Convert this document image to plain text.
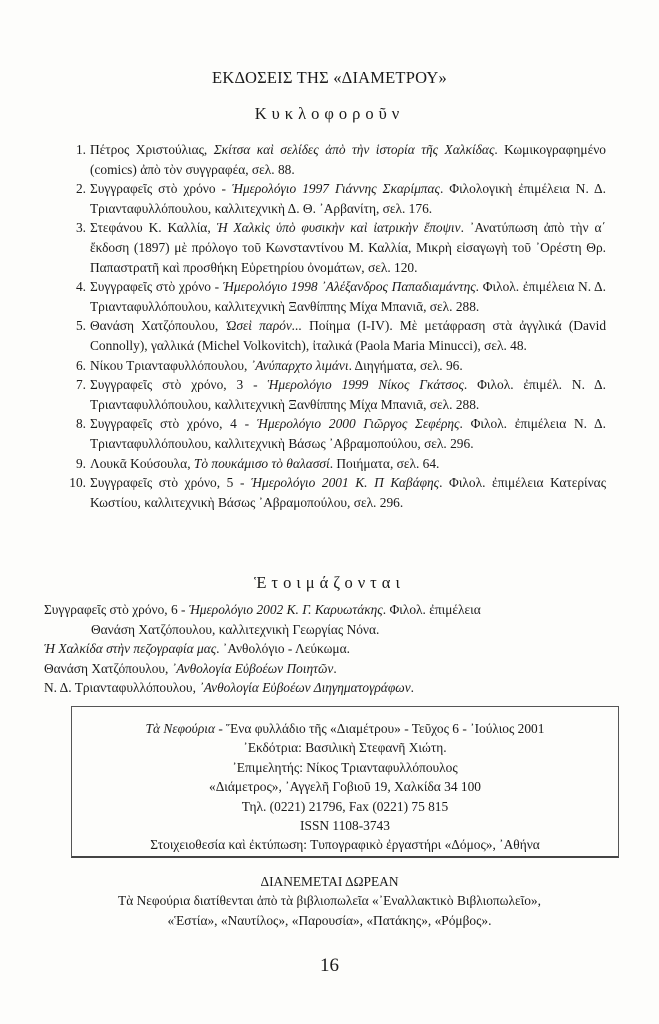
ΕΚΔΟΣΕΙΣ ΤΗΣ «ΔΙΑΜΕΤΡΟΥ»
Κυκλοφοροῦν
1. Πέτρος Χριστούλιας, Σκίτσα καὶ σελίδες ἀπὸ τὴν ἱστορία τῆς Χαλκίδας. Κωμικογραφημένο (comics) ἀπὸ τὸν συγγραφέα, σελ. 88.
2. Συγγραφεῖς στὸ χρόνο - Ἡμερολόγιο 1997 Γιάννης Σκαρίμπας. Φιλολογικὴ ἐπιμέλεια Ν. Δ. Τριανταφυλλόπουλου, καλλιτεχνικὴ Δ. Θ. ᾿Αρβανίτη, σελ. 176.
3. Στεφάνου Κ. Καλλία, Ἡ Χαλκὶς ὑπὸ φυσικὴν καὶ ἰατρικὴν ἔποψιν. ᾿Ανατύπωση ἀπὸ τὴν α΄ ἔκδοση (1897) μὲ πρόλογο τοῦ Κωνσταντίνου Μ. Καλλία, Μικρὴ εἰσαγωγὴ τοῦ ᾿Ορέστη Θρ. Παπαστρατῆ καὶ προσθήκη Εὑρετηρίου ὀνομάτων, σελ. 120.
4. Συγγραφεῖς στὸ χρόνο - Ἡμερολόγιο 1998 ᾿Αλέξανδρος Παπαδιαμάντης. Φιλολ. ἐπιμέλεια Ν. Δ. Τριανταφυλλόπουλου, καλλιτεχνικὴ Ξανθίππης Μίχα Μπανιᾶ, σελ. 288.
5. Θανάση Χατζόπουλου, Ὡσεὶ παρόν... Ποίημα (I-IV). Μὲ μετάφραση στὰ ἀγγλικά (David Connolly), γαλλικά (Michel Volkovitch), ἰταλικά (Paola Maria Minucci), σελ. 48.
6. Νίκου Τριανταφυλλόπουλου, ᾿Ανύπαρχτο λιμάνι. Διηγήματα, σελ. 96.
7. Συγγραφεῖς στὸ χρόνο, 3 - Ἡμερολόγιο 1999 Νίκος Γκάτσος. Φιλολ. ἐπιμέλ. Ν. Δ. Τριανταφυλλόπουλου, καλλιτεχνικὴ Ξανθίππης Μίχα Μπανιᾶ, σελ. 288.
8. Συγγραφεῖς στὸ χρόνο, 4 - Ἡμερολόγιο 2000 Γιῶργος Σεφέρης. Φιλολ. ἐπιμέλεια Ν. Δ. Τριανταφυλλόπουλου, καλλιτεχνικὴ Βάσως ᾿Αβραμοπούλου, σελ. 296.
9. Λουκᾶ Κούσουλα, Τὸ πουκάμισο τὸ θαλασσί. Ποιήματα, σελ. 64.
10. Συγγραφεῖς στὸ χρόνο, 5 - Ἡμερολόγιο 2001 Κ. Π Καβάφης. Φιλολ. ἐπιμέλεια Κατερίνας Κωστίου, καλλιτεχνικὴ Βάσως ᾿Αβραμοπούλου, σελ. 296.
Ἑτοιμάζονται
Συγγραφεῖς στὸ χρόνο, 6 - Ἡμερολόγιο 2002 Κ. Γ. Καρυωτάκης. Φιλολ. ἐπιμέλεια
Θανάση Χατζόπουλου, καλλιτεχνικὴ Γεωργίας Νόνα.
Ἡ Χαλκίδα στὴν πεζογραφία μας. ᾿Ανθολόγιο - Λεύκωμα.
Θανάση Χατζόπουλου, ᾿Ανθολογία Εὐβοέων Ποιητῶν.
Ν. Δ. Τριανταφυλλόπουλου, ᾿Ανθολογία Εὐβοέων Διηγηματογράφων.
Τὰ Νεφούρια - Ἕνα φυλλάδιο τῆς «Διαμέτρου» - Τεῦχος 6 - ᾿Ιούλιος 2001
᾿Εκδότρια: Βασιλικὴ Στεφανῆ Χιώτη.
᾿Επιμελητής: Νίκος Τριανταφυλλόπουλος
«Διάμετρος», ᾿Αγγελῆ Γοβιοῦ 19, Χαλκίδα 34 100
Τηλ. (0221) 21796, Fax (0221) 75 815
ISSN 1108-3743
Στοιχειοθεσία καὶ ἐκτύπωση: Τυπογραφικὸ ἐργαστήρι «Δόμος», ᾿Αθήνα
ΔΙΑΝΕΜΕΤΑΙ ΔΩΡΕΑΝ
Τὰ Νεφούρια διατίθενται ἀπὸ τὰ βιβλιοπωλεῖα «᾿Εναλλακτικὸ Βιβλιοπωλεῖο»,
«Ἑστία», «Ναυτίλος», «Παρουσία», «Πατάκης», «Ρόμβος».
16
